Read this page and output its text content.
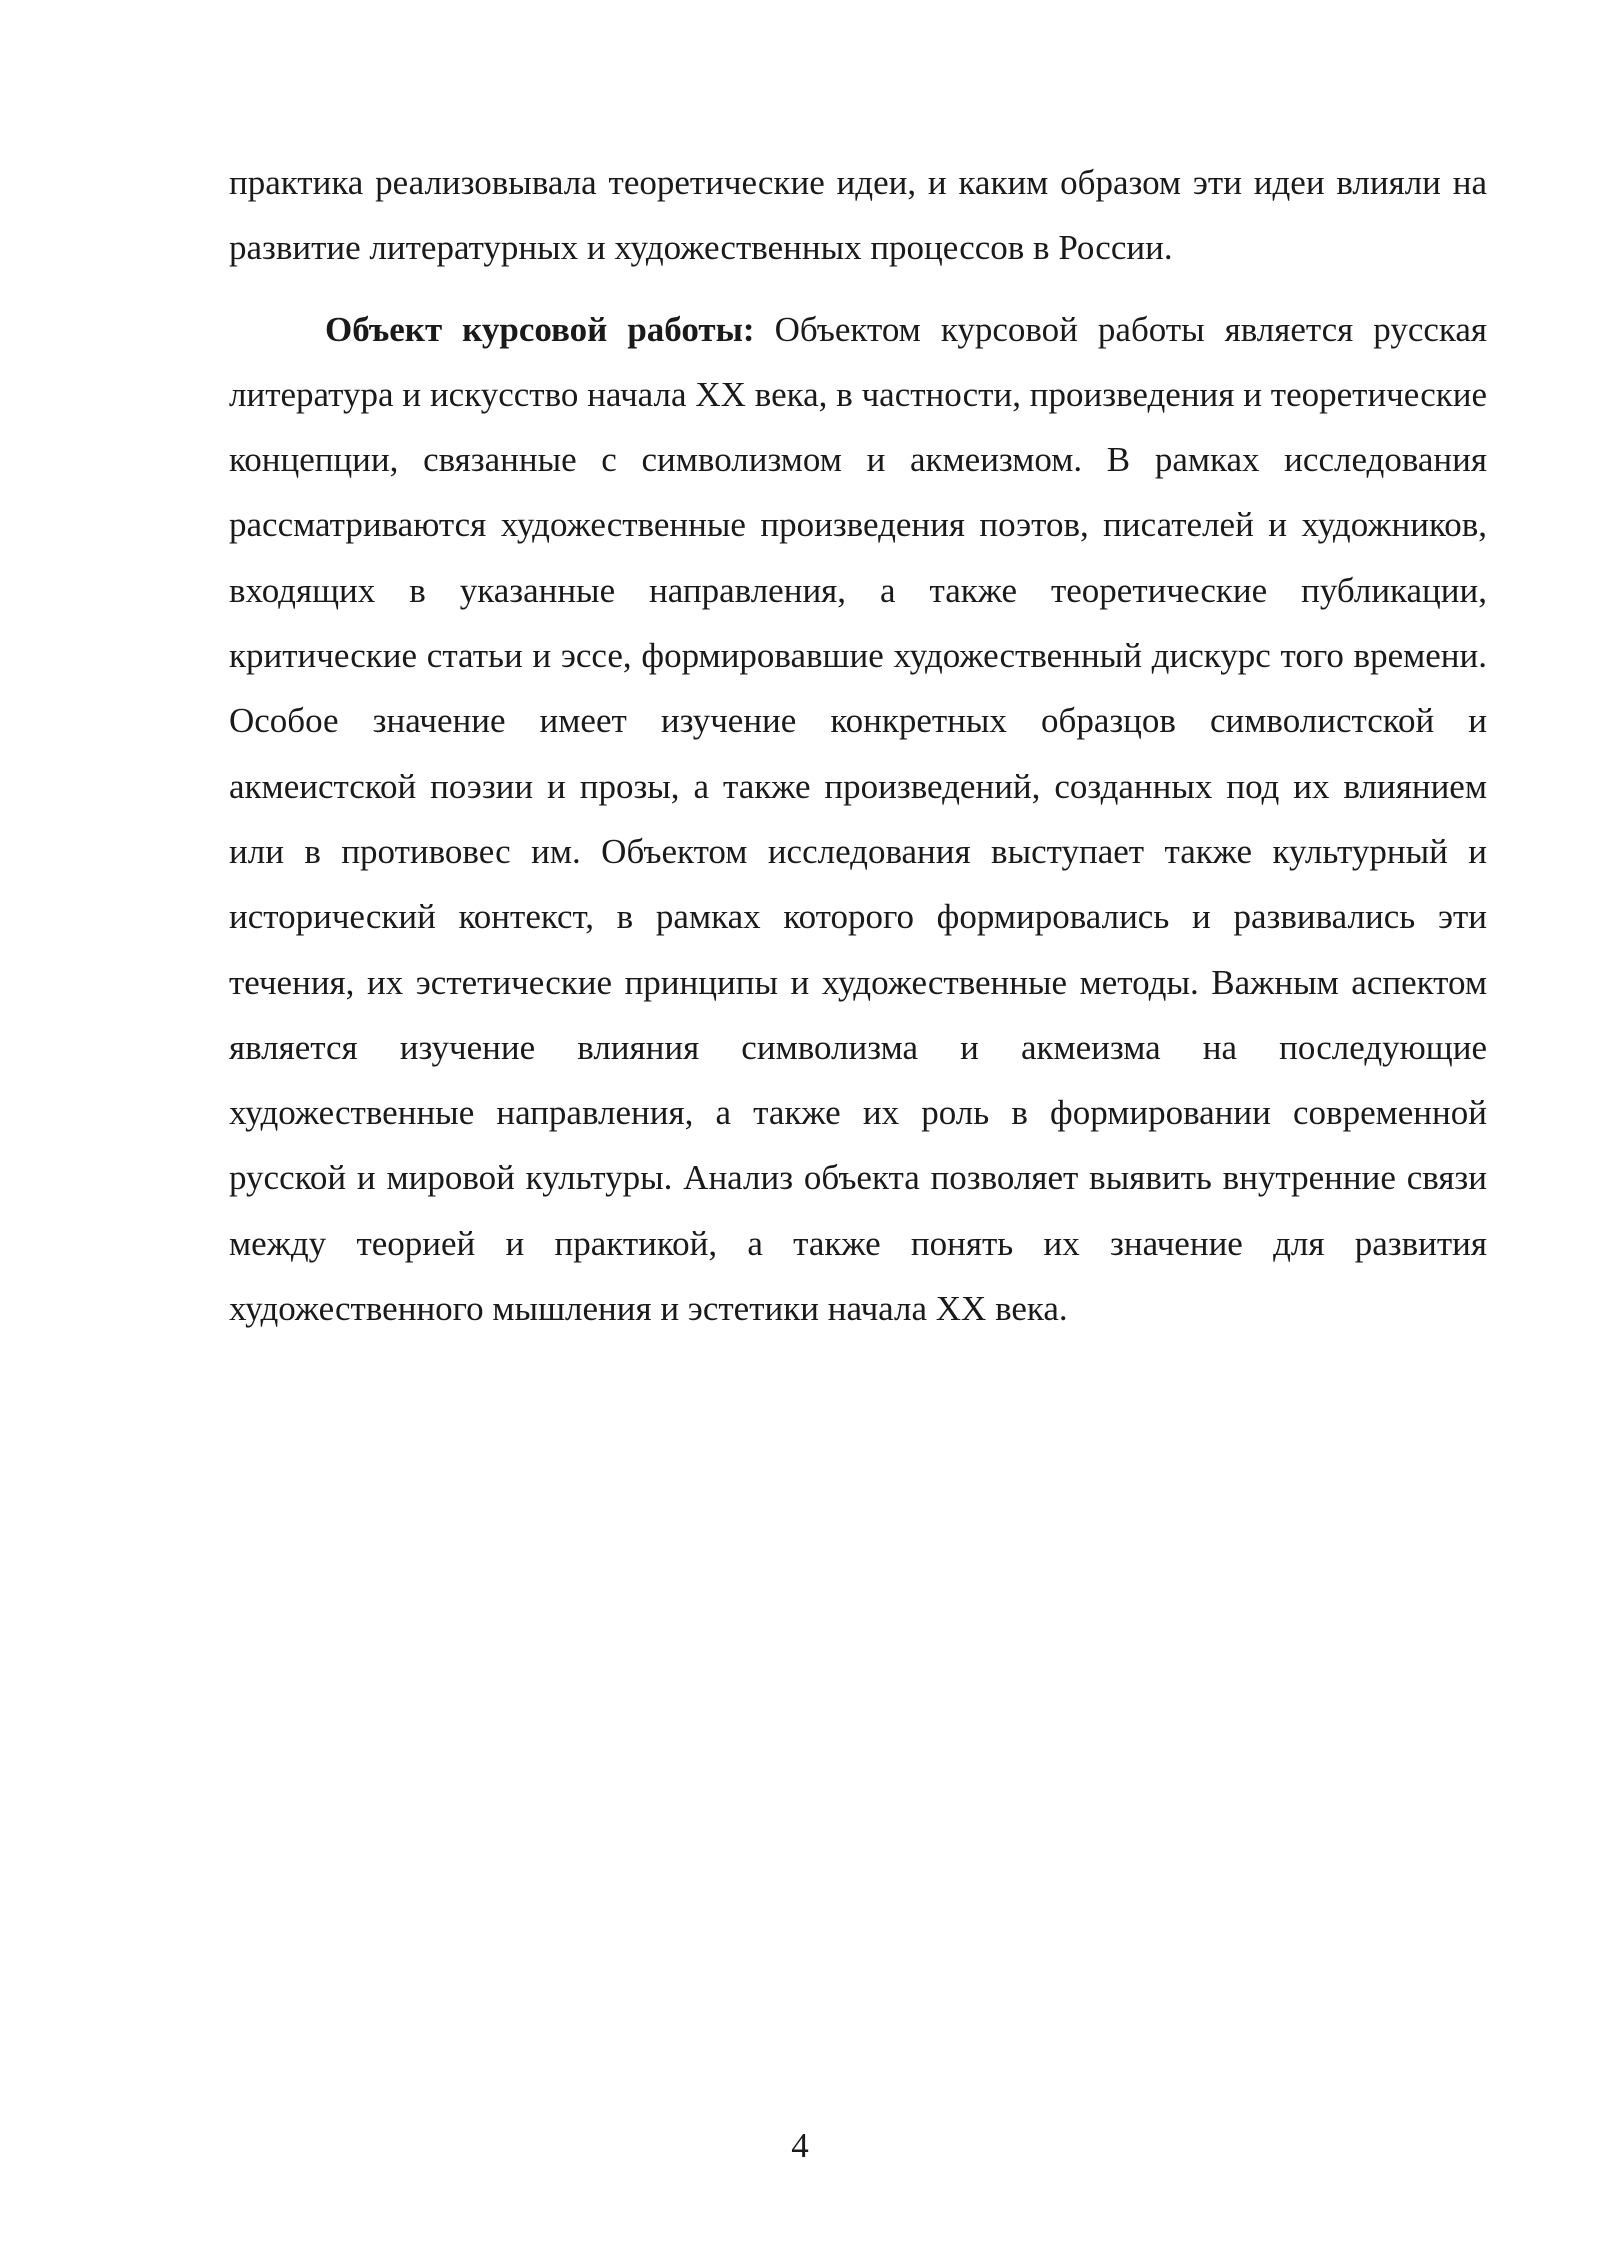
практика реализовывала теоретические идеи, и каким образом эти идеи влияли на развитие литературных и художественных процессов в России.

Объект курсовой работы: Объектом курсовой работы является русская литература и искусство начала XX века, в частности, произведения и теоретические концепции, связанные с символизмом и акмеизмом. В рамках исследования рассматриваются художественные произведения поэтов, писателей и художников, входящих в указанные направления, а также теоретические публикации, критические статьи и эссе, формировавшие художественный дискурс того времени. Особое значение имеет изучение конкретных образцов символистской и акмеистской поэзии и прозы, а также произведений, созданных под их влиянием или в противовес им. Объектом исследования выступает также культурный и исторический контекст, в рамках которого формировались и развивались эти течения, их эстетические принципы и художественные методы. Важным аспектом является изучение влияния символизма и акмеизма на последующие художественные направления, а также их роль в формировании современной русской и мировой культуры. Анализ объекта позволяет выявить внутренние связи между теорией и практикой, а также понять их значение для развития художественного мышления и эстетики начала XX века.

4
